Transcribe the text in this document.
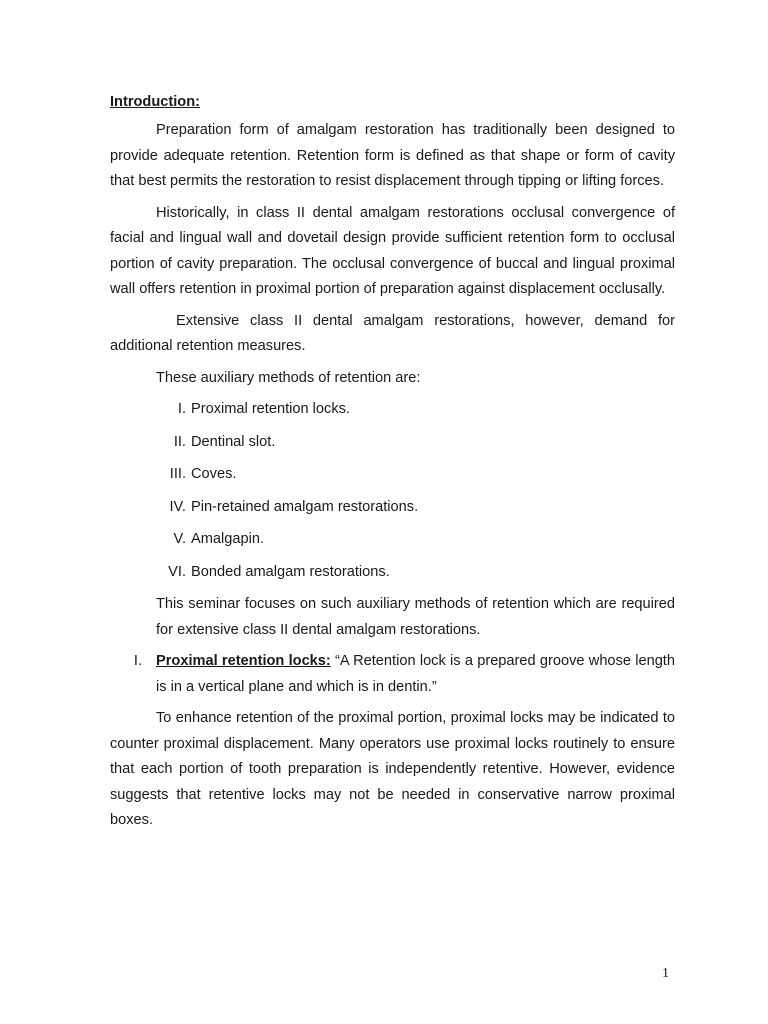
Introduction:

Preparation form of amalgam restoration has traditionally been designed to provide adequate retention. Retention form is defined as that shape or form of cavity that best permits the restoration to resist displacement through tipping or lifting forces.

Historically, in class II dental amalgam restorations occlusal convergence of facial and lingual wall and dovetail design provide sufficient retention form to occlusal portion of cavity preparation. The occlusal convergence of buccal and lingual proximal wall offers retention in proximal portion of preparation against displacement occlusally.

Extensive class II dental amalgam restorations, however, demand for additional retention measures.

These auxiliary methods of retention are:

I. Proximal retention locks.
II. Dentinal slot.
III. Coves.
IV. Pin-retained amalgam restorations.
V. Amalgapin.
VI. Bonded amalgam restorations.

This seminar focuses on such auxiliary methods of retention which are required for extensive class II dental amalgam restorations.

I. Proximal retention locks: “A Retention lock is a prepared groove whose length is in a vertical plane and which is in dentin.”

To enhance retention of the proximal portion, proximal locks may be indicated to counter proximal displacement. Many operators use proximal locks routinely to ensure that each portion of tooth preparation is independently retentive. However, evidence suggests that retentive locks may not be needed in conservative narrow proximal boxes.

1
